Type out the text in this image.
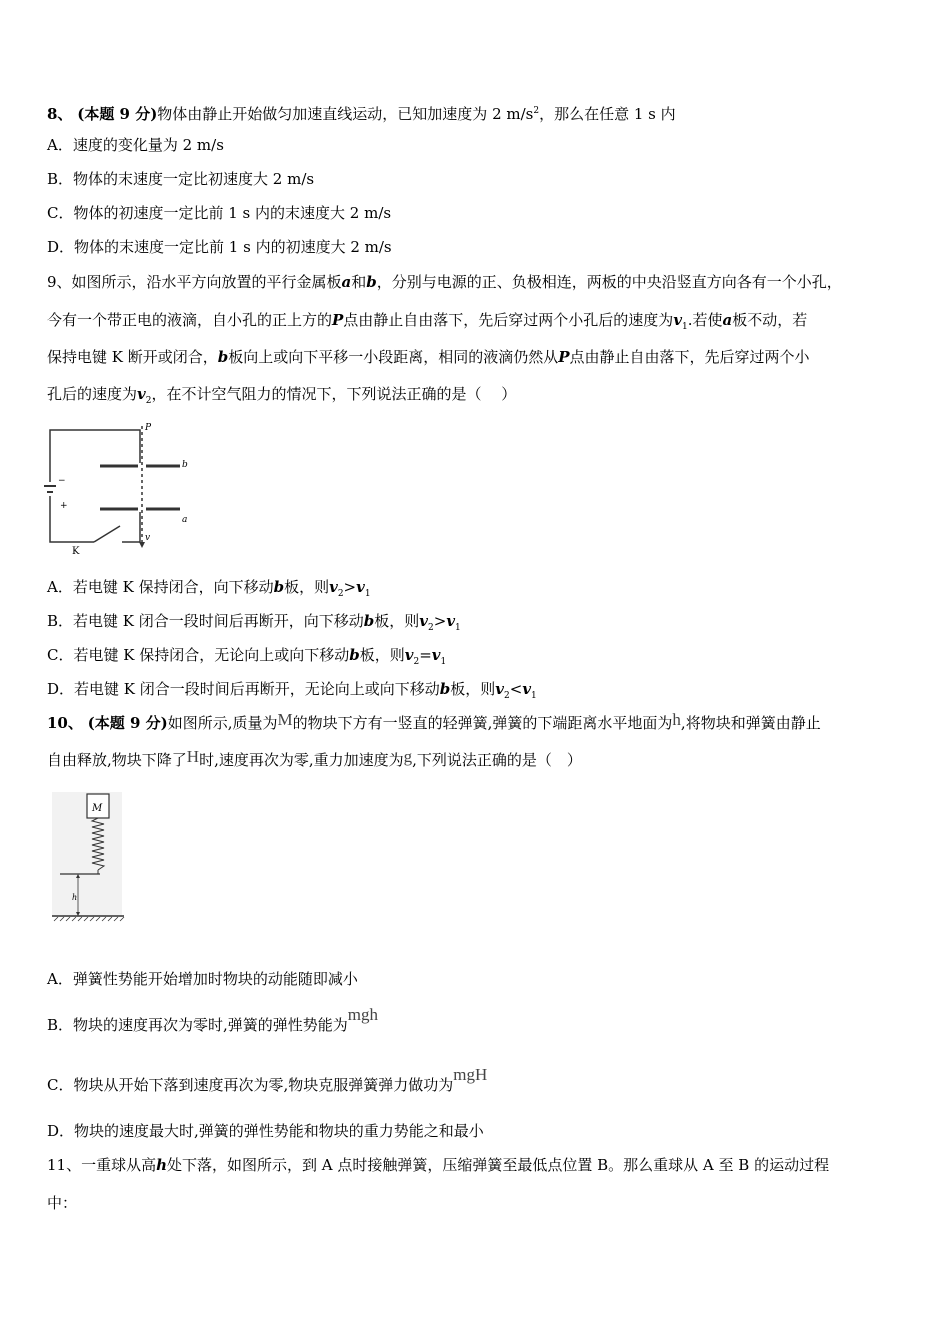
8、 (本题 9 分)物体由静止开始做匀加速直线运动，已知加速度为 2 $m/s^2$，那么在任意 1 s 内
A．速度的变化量为 2 m/s
B．物体的末速度一定比初速度大 2 m/s
C．物体的初速度一定比前 1 s 内的末速度大 2 m/s
D．物体的末速度一定比前 1 s 内的初速度大 2 m/s
9、如图所示，沿水平方向放置的平行金属板a和b，分别与电源的正、负极相连，两板的中央沿竖直方向各有一个小孔，
今有一个带正电的液滴，自小孔的正上方的P点由静止自由落下，先后穿过两个小孔后的速度为$v_1$.若使a板不动，若
保持电键 K 断开或闭合，b板向上或向下平移一小段距离，相同的液滴仍然从P点由静止自由落下，先后穿过两个小
孔后的速度为$v_2$，在不计空气阻力的情况下，下列说法正确的是（　 ）
P
b
a
K
v
−
+
A．若电键 K 保持闭合，向下移动b板，则$v_2>v_1$
B．若电键 K 闭合一段时间后再断开，向下移动b板，则$v_2>v_1$
C．若电键 K 保持闭合，无论向上或向下移动b板，则$v_2=v_1$
D．若电键 K 闭合一段时间后再断开，无论向上或向下移动b板，则$v_2<v_1$
10、 (本题 9 分)如图所示,质量为M的物块下方有一竖直的轻弹簧,弹簧的下端距离水平地面为h,将物块和弹簧由静止
自由释放,物块下降了H时,速度再次为零,重力加速度为g,下列说法正确的是（　）
M
h
A．弹簧性势能开始增加时物块的动能随即减小
B．物块的速度再次为零时,弹簧的弹性势能为mgh
C．物块从开始下落到速度再次为零,物块克服弹簧弹力做功为mgH
D．物块的速度最大时,弹簧的弹性势能和物块的重力势能之和最小
11、一重球从高h处下落，如图所示，到 A 点时接触弹簧，压缩弹簧至最低点位置 B。那么重球从 A 至 B 的运动过程
中：
